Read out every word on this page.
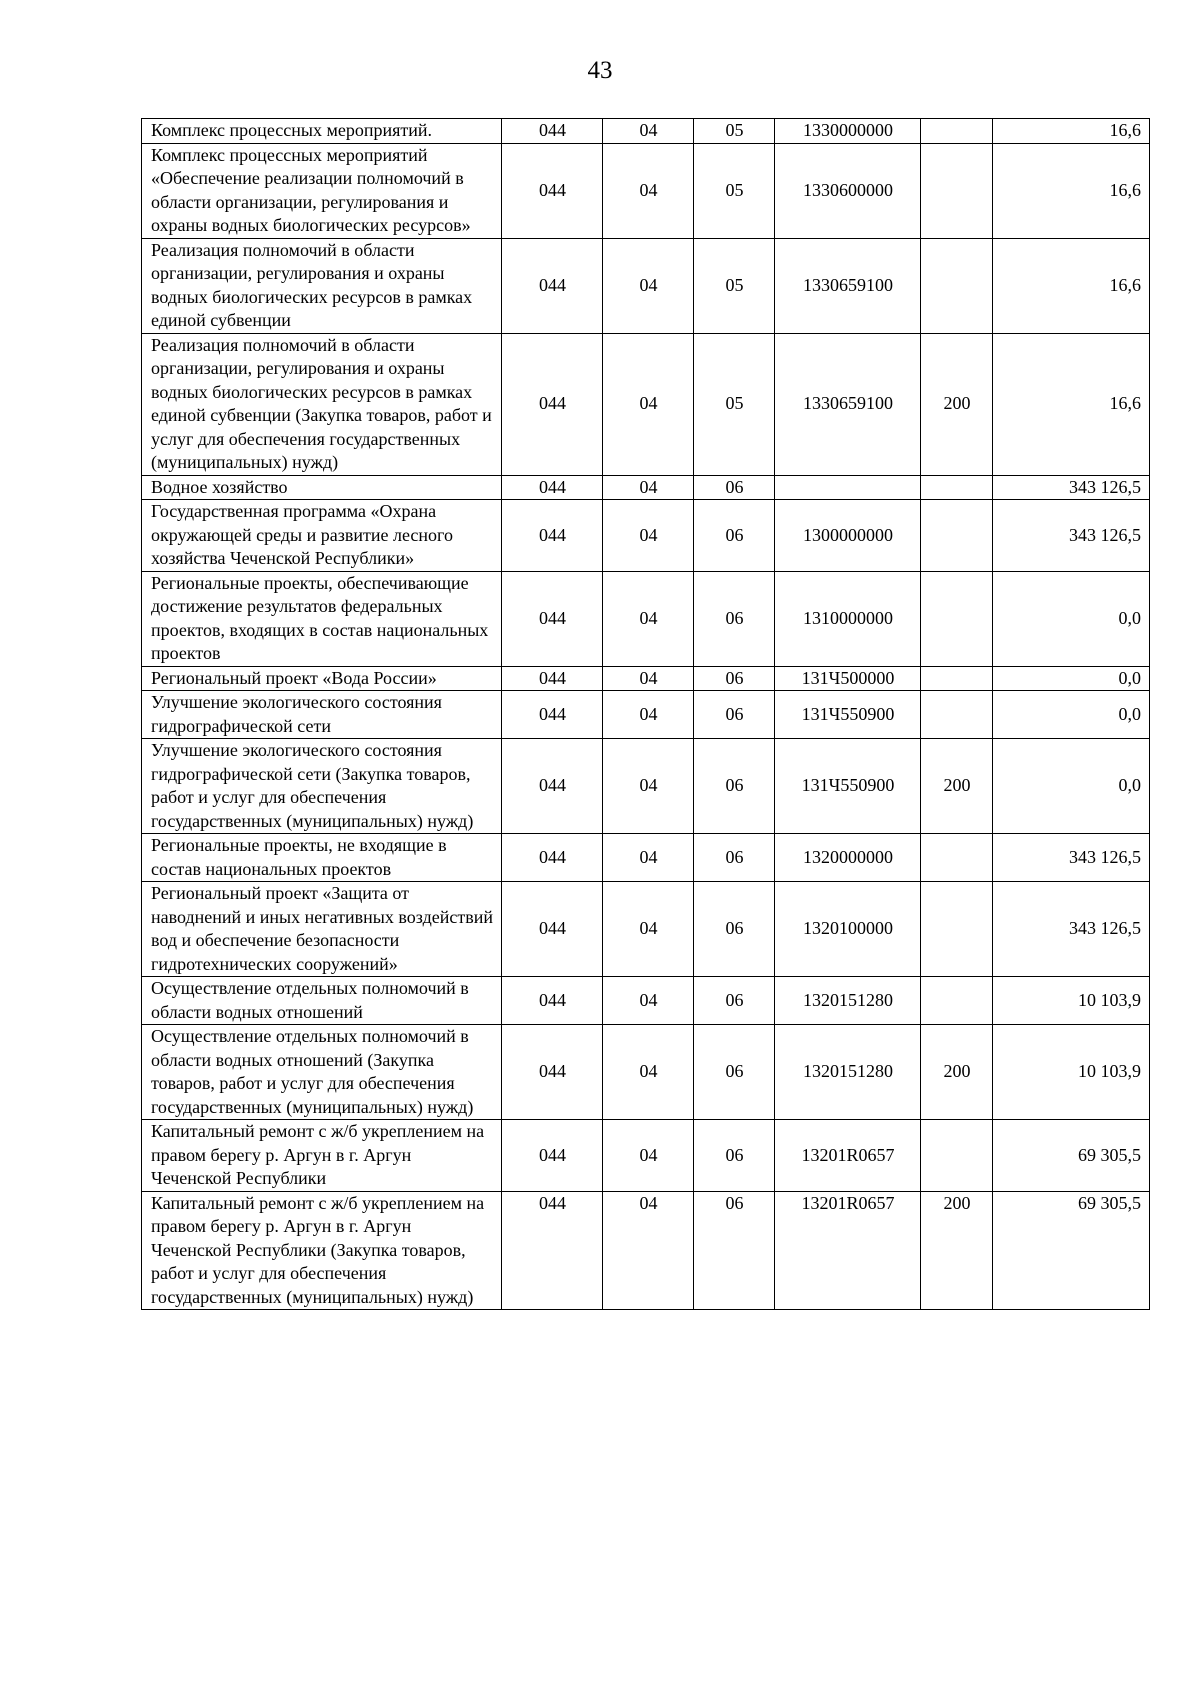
43
Комплекс процессных мероприятий.	044	04	05	1330000000		16,6
Комплекс процессных мероприятий «Обеспечение реализации полномочий в области организации, регулирования и охраны водных биологических ресурсов»	044	04	05	1330600000		16,6
Реализация полномочий в области организации, регулирования и охраны водных биологических ресурсов в рамках единой субвенции	044	04	05	1330659100		16,6
Реализация полномочий в области организации, регулирования и охраны водных биологических ресурсов в рамках единой субвенции (Закупка товаров, работ и услуг для обеспечения государственных (муниципальных) нужд)	044	04	05	1330659100	200	16,6
Водное хозяйство	044	04	06			343 126,5
Государственная программа «Охрана окружающей среды и развитие лесного хозяйства Чеченской Республики»	044	04	06	1300000000		343 126,5
Региональные проекты, обеспечивающие достижение результатов федеральных проектов, входящих в состав национальных проектов	044	04	06	1310000000		0,0
Региональный проект «Вода России»	044	04	06	131Ч500000		0,0
Улучшение экологического состояния гидрографической сети	044	04	06	131Ч550900		0,0
Улучшение экологического состояния гидрографической сети (Закупка товаров, работ и услуг для обеспечения государственных (муниципальных) нужд)	044	04	06	131Ч550900	200	0,0
Региональные проекты, не входящие в состав национальных проектов	044	04	06	1320000000		343 126,5
Региональный проект «Защита от наводнений и иных негативных воздействий вод и обеспечение безопасности гидротехнических сооружений»	044	04	06	1320100000		343 126,5
Осуществление отдельных полномочий в области водных отношений	044	04	06	1320151280		10 103,9
Осуществление отдельных полномочий в области водных отношений (Закупка товаров, работ и услуг для обеспечения государственных (муниципальных) нужд)	044	04	06	1320151280	200	10 103,9
Капитальный ремонт с ж/б укреплением на правом берегу р. Аргун в г. Аргун Чеченской Республики	044	04	06	13201R0657		69 305,5
Капитальный ремонт с ж/б укреплением на правом берегу р. Аргун в г. Аргун Чеченской Республики (Закупка товаров, работ и услуг для обеспечения государственных (муниципальных) нужд)	044	04	06	13201R0657	200	69 305,5
